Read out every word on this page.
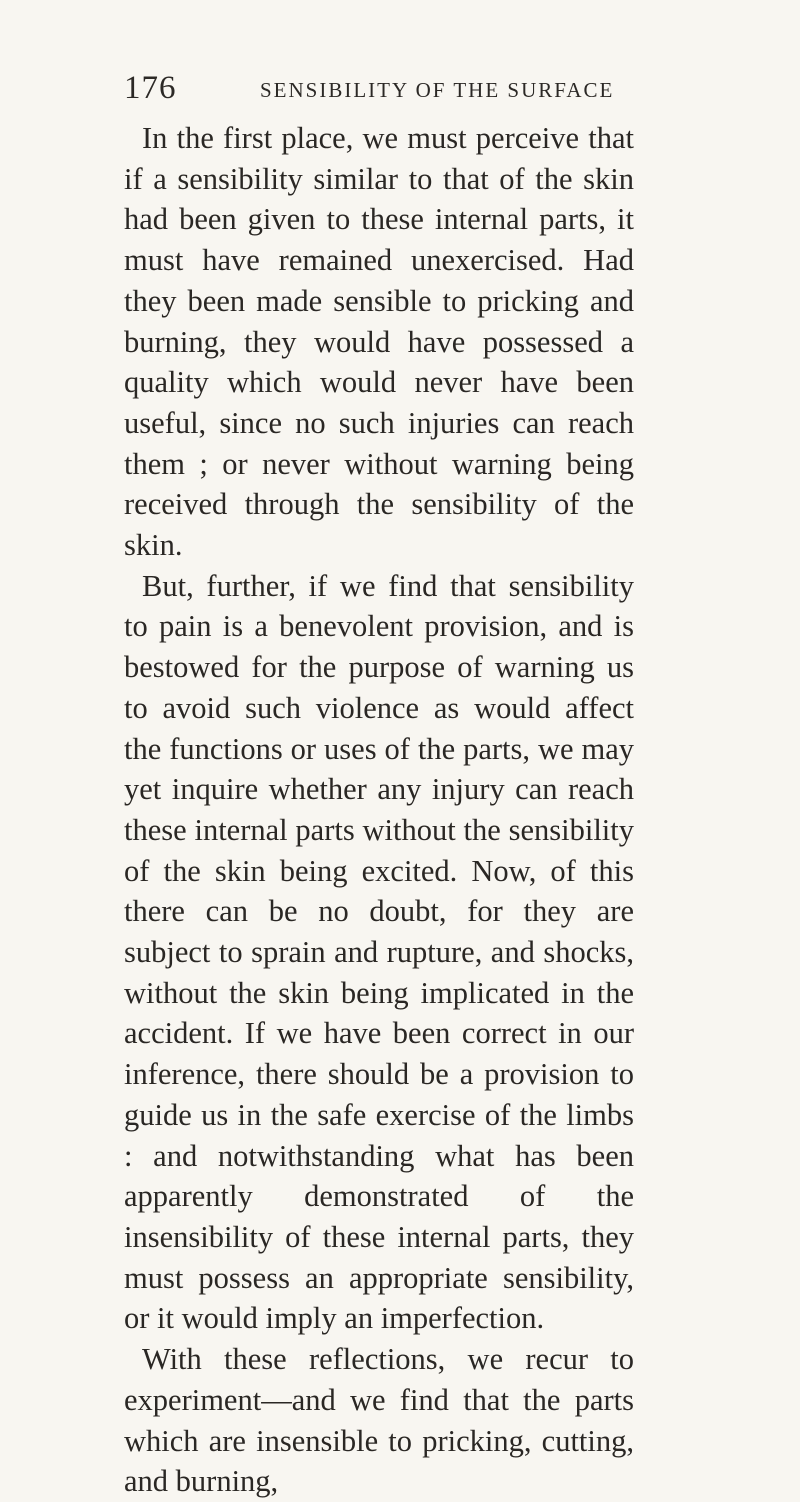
176	SENSIBILITY OF THE SURFACE

In the first place, we must perceive that if a sensibility similar to that of the skin had been given to these internal parts, it must have remained unexercised. Had they been made sensible to pricking and burning, they would have possessed a quality which would never have been useful, since no such injuries can reach them ; or never without warning being received through the sensibility of the skin.

But, further, if we find that sensibility to pain is a benevolent provision, and is bestowed for the purpose of warning us to avoid such violence as would affect the functions or uses of the parts, we may yet inquire whether any injury can reach these internal parts without the sensibility of the skin being excited. Now, of this there can be no doubt, for they are subject to sprain and rupture, and shocks, without the skin being implicated in the accident. If we have been correct in our inference, there should be a provision to guide us in the safe exercise of the limbs : and notwithstanding what has been apparently demonstrated of the insensibility of these internal parts, they must possess an appropriate sensibility, or it would imply an imperfection.

With these reflections, we recur to experiment—and we find that the parts which are insensible to pricking, cutting, and burning,
